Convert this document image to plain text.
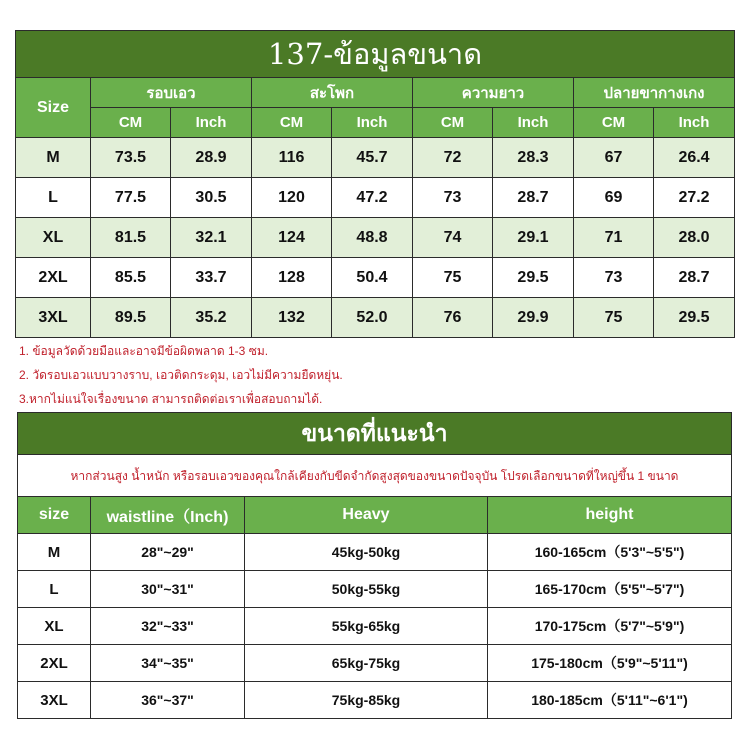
137-ข้อมูลขนาด								
Size	รอบเอว		สะโพก		ความยาว		ปลายขากางเกง	
	CM	Inch	CM	Inch	CM	Inch	CM	Inch
M	73.5	28.9	116	45.7	72	28.3	67	26.4
L	77.5	30.5	120	47.2	73	28.7	69	27.2
XL	81.5	32.1	124	48.8	74	29.1	71	28.0
2XL	85.5	33.7	128	50.4	75	29.5	73	28.7
3XL	89.5	35.2	132	52.0	76	29.9	75	29.5
1. ข้อมูลวัดด้วยมือและอาจมีข้อผิดพลาด 1-3 ซม.
2. วัดรอบเอวแบบวางราบ, เอวติดกระดุม, เอวไม่มีความยืดหยุ่น.
3.หากไม่แน่ใจเรื่องขนาด สามารถติดต่อเราเพื่อสอบถามได้.
ขนาดที่แนะนำ			
หากส่วนสูง น้ำหนัก หรือรอบเอวของคุณใกล้เคียงกับขีดจำกัดสูงสุดของขนาดปัจจุบัน โปรดเลือกขนาดที่ใหญ่ขึ้น 1 ขนาด			
size	waistline（Inch)	Heavy	height
M	28"~29"	45kg-50kg	160-165cm（5'3"~5'5")
L	30"~31"	50kg-55kg	165-170cm（5'5"~5'7")
XL	32"~33"	55kg-65kg	170-175cm（5'7"~5'9")
2XL	34"~35"	65kg-75kg	175-180cm（5'9"~5'11")
3XL	36"~37"	75kg-85kg	180-185cm（5'11"~6'1")
